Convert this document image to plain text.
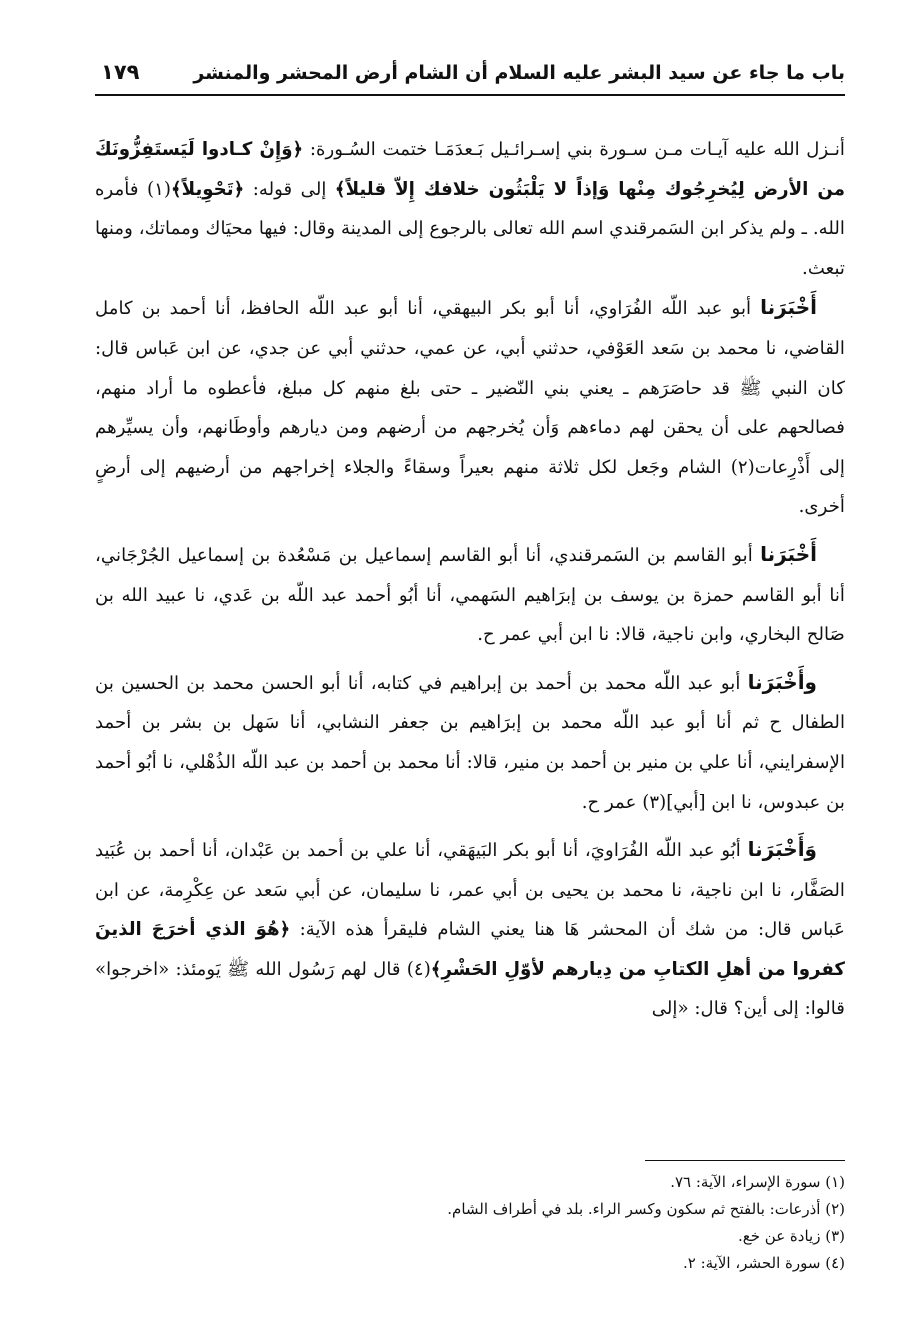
باب ما جاء عن سيد البشر عليه السلام أن الشام أرض المحشر والمنشر
١٧٩

أنـزل الله عليه آيـات مـن سـورة بني إسـرائـيل بَـعدَمَـا ختمت السُـورة: ﴿وَإِنْ كـادوا لَيَستَفِزُّونَكَ من الأرض لِيُخرِجُوك مِنْها وَإذاً لا يَلْبَثُون خلافك إِلاّ قليلاً﴾ إلى قوله: ﴿تَحْوِيلاً﴾(١) فأمره الله. ـ ولم يذكر ابن السَمرقندي اسم الله تعالى بالرجوع إلى المدينة وقال: فيها محيَاك ومماتك، ومنها تبعث.

أَخْبَرَنا أبو عبد اللّه الفُرَاوي، أنا أبو بكر البيهقي، أنا أبو عبد اللّه الحافظ، أنا أحمد بن كامل القاضي، نا محمد بن سَعد العَوْفي، حدثني أبي، عن عمي، حدثني أبي عن جدي، عن ابن عَباس قال: كان النبي ﷺ قد حاصَرَهم ـ يعني بني النّضير ـ حتى بلغ منهم كل مبلغ، فأعطوه ما أراد منهم، فصالحهم على أن يحقن لهم دماءهم وَأن يُخرجهم من أرضهم ومن ديارهم وأوطَانهم، وأن يسيِّرهم إلى أَذْرِعات(٢) الشام وجَعل لكل ثلاثة منهم بعيراً وسقاءً والجلاء إخراجهم من أرضيهم إلى أرضٍ أخرى.

أَخْبَرَنا أبو القاسم بن السَمرقندي، أنا أبو القاسم إسماعيل بن مَسْعُدة بن إسماعيل الجُرْجَاني، أنا أبو القاسم حمزة بن يوسف بن إبرَاهيم السَهمي، أنا أبُو أحمد عبد اللّه بن عَدي، نا عبيد الله بن صَالح البخاري، وابن ناجية، قالا: نا ابن أبي عمر ح.

وأَخْبَرَنا أبو عبد اللّه محمد بن أحمد بن إبراهيم في كتابه، أنا أبو الحسن محمد بن الحسين بن الطفال ح ثم أنا أبو عبد اللّه محمد بن إبرَاهيم بن جعفر النشابي، أنا سَهل بن بشر بن أحمد الإسفرايني، أنا علي بن منير بن أحمد بن منير، قالا: أنا محمد بن أحمد بن عبد اللّه الذُهْلي، نا أبُو أحمد بن عبدوس، نا ابن [أبي](٣) عمر ح.

وَأَخْبَرَنا أبُو عبد اللّه الفُرَاويَ، أنا أبو بكر البَيهَقي، أنا علي بن أحمد بن عَبْدان، أنا أحمد بن عُبَيد الصَفَّار، نا ابن ناجية، نا محمد بن يحيى بن أبي عمر، نا سليمان، عن أبي سَعد عن عِكْرِمة، عن ابن عَباس قال: من شك أن المحشر هَا هنا يعني الشام فليقرأ هذه الآية: ﴿هُوَ الذي أخرَجَ الذينَ كفروا من أهلِ الكتابِ من دِيارهم لأوّلِ الحَشْرِ﴾(٤) قال لهم رَسُول الله ﷺ يَومئذ: «اخرجوا» قالوا: إلى أين؟ قال: «إلى

(١) سورة الإسراء، الآية: ٧٦.

(٢) أذرعات: بالفتح ثم سكون وكسر الراء. بلد في أطراف الشام.

(٣) زيادة عن خع.

(٤) سورة الحشر، الآية: ٢.
